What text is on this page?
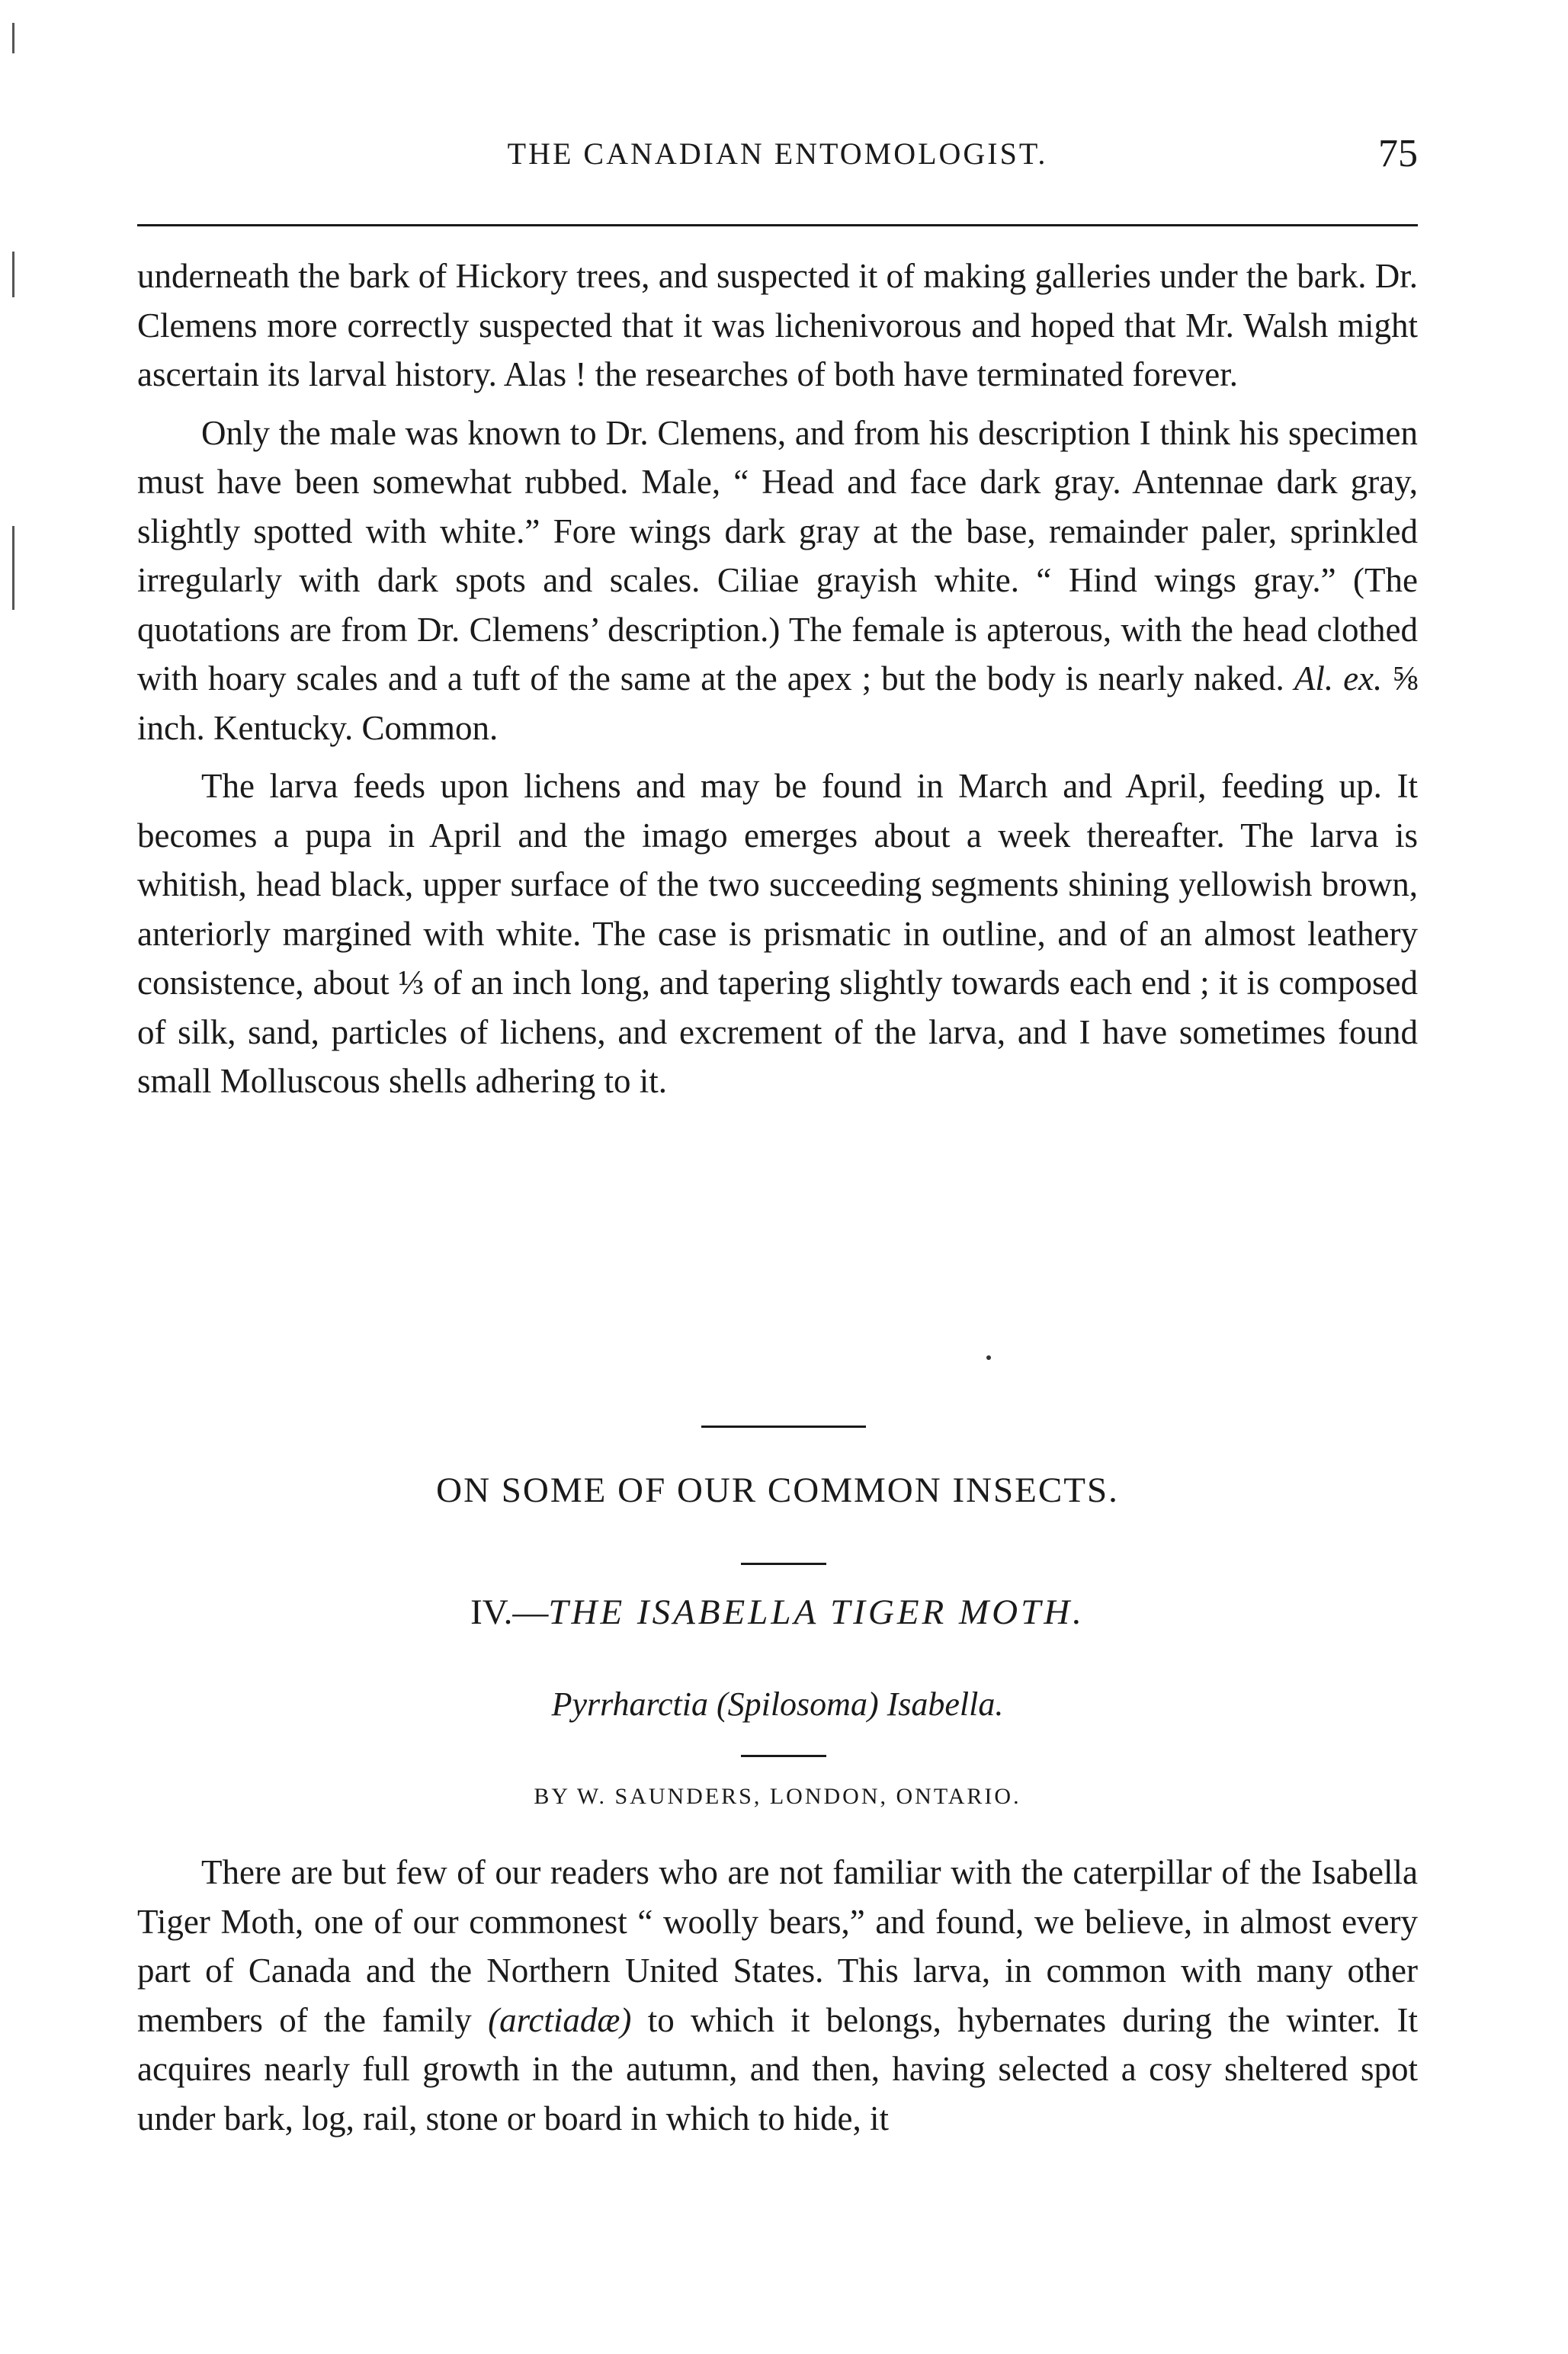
THE CANADIAN ENTOMOLOGIST.	75

underneath the bark of Hickory trees, and suspected it of making galleries under the bark. Dr. Clemens more correctly suspected that it was lichenivorous and hoped that Mr. Walsh might ascertain its larval history. Alas ! the researches of both have terminated forever.

Only the male was known to Dr. Clemens, and from his description I think his specimen must have been somewhat rubbed. Male, “ Head and face dark gray. Antennae dark gray, slightly spotted with white.” Fore wings dark gray at the base, remainder paler, sprinkled irregularly with dark spots and scales. Ciliae grayish white. “ Hind wings gray.” (The quotations are from Dr. Clemens’ description.) The female is apterous, with the head clothed with hoary scales and a tuft of the same at the apex ; but the body is nearly naked. Al. ex. ⅝ inch. Kentucky. Common.

The larva feeds upon lichens and may be found in March and April, feeding up. It becomes a pupa in April and the imago emerges about a week thereafter. The larva is whitish, head black, upper surface of the two succeeding segments shining yellowish brown, anteriorly margined with white. The case is prismatic in outline, and of an almost leathery consistence, about ⅓ of an inch long, and tapering slightly towards each end ; it is composed of silk, sand, particles of lichens, and excrement of the larva, and I have sometimes found small Molluscous shells adhering to it.

ON SOME OF OUR COMMON INSECTS.
IV.—THE ISABELLA TIGER MOTH.
Pyrrharctia (Spilosoma) Isabella.
BY W. SAUNDERS, LONDON, ONTARIO.

There are but few of our readers who are not familiar with the caterpillar of the Isabella Tiger Moth, one of our commonest “ woolly bears,” and found, we believe, in almost every part of Canada and the Northern United States. This larva, in common with many other members of the family (arctiadæ) to which it belongs, hybernates during the winter. It acquires nearly full growth in the autumn, and then, having selected a cosy sheltered spot under bark, log, rail, stone or board in which to hide, it
